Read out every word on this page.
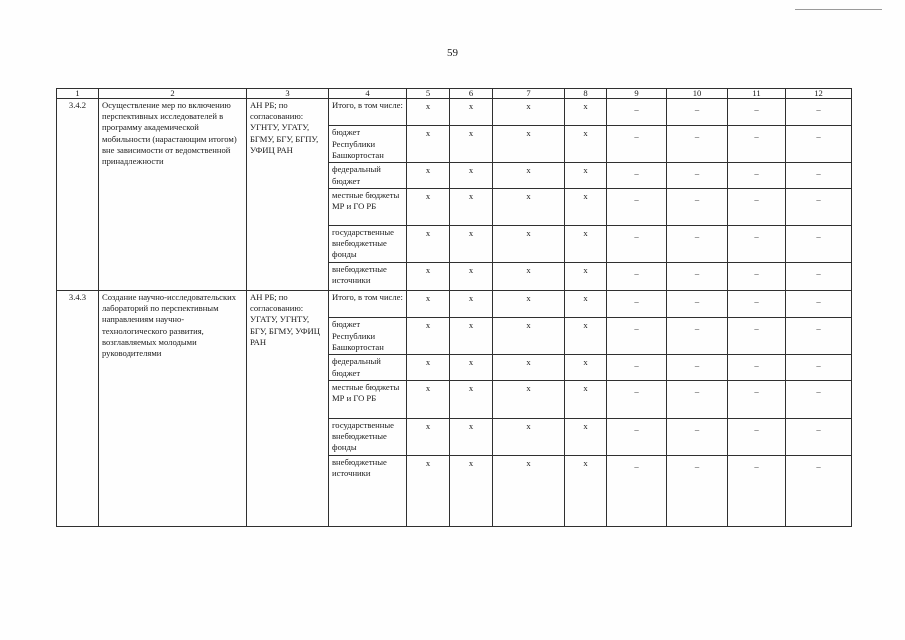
59
1	2	3	4	5	6	7	8	9	10	11	12
3.4.2	Осуществление мер по включению перспективных исследователей в программу академической мобильности (нарастающим итогом) вне зависимости от ведомственной принадлежности	АН РБ; по согласованию: УГНТУ, УГАТУ, БГМУ, БГУ, БГПУ, УФИЦ РАН	Итого, в том числе:	x	x	x	x	–	–	–	–
			бюджет Республики Башкортостан	x	x	x	x	–	–	–	–
			федеральный бюджет	x	x	x	x	–	–	–	–
			местные бюджеты МР и ГО РБ	x	x	x	x	–	–	–	–
			государственные внебюджетные фонды	x	x	x	x	–	–	–	–
			внебюджетные источники	x	x	x	x	–	–	–	–
3.4.3	Создание научно-исследовательских лабораторий по перспективным направлениям научно-технологического развития, возглавляемых молодыми руководителями	АН РБ; по согласованию: УГАТУ, УГНТУ, БГУ, БГМУ, УФИЦ РАН	Итого, в том числе:	x	x	x	x	–	–	–	–
			бюджет Республики Башкортостан	x	x	x	x	–	–	–	–
			федеральный бюджет	x	x	x	x	–	–	–	–
			местные бюджеты МР и ГО РБ	x	x	x	x	–	–	–	–
			государственные внебюджетные фонды	x	x	x	x	–	–	–	–
			внебюджетные источники	x	x	x	x	–	–	–	–
